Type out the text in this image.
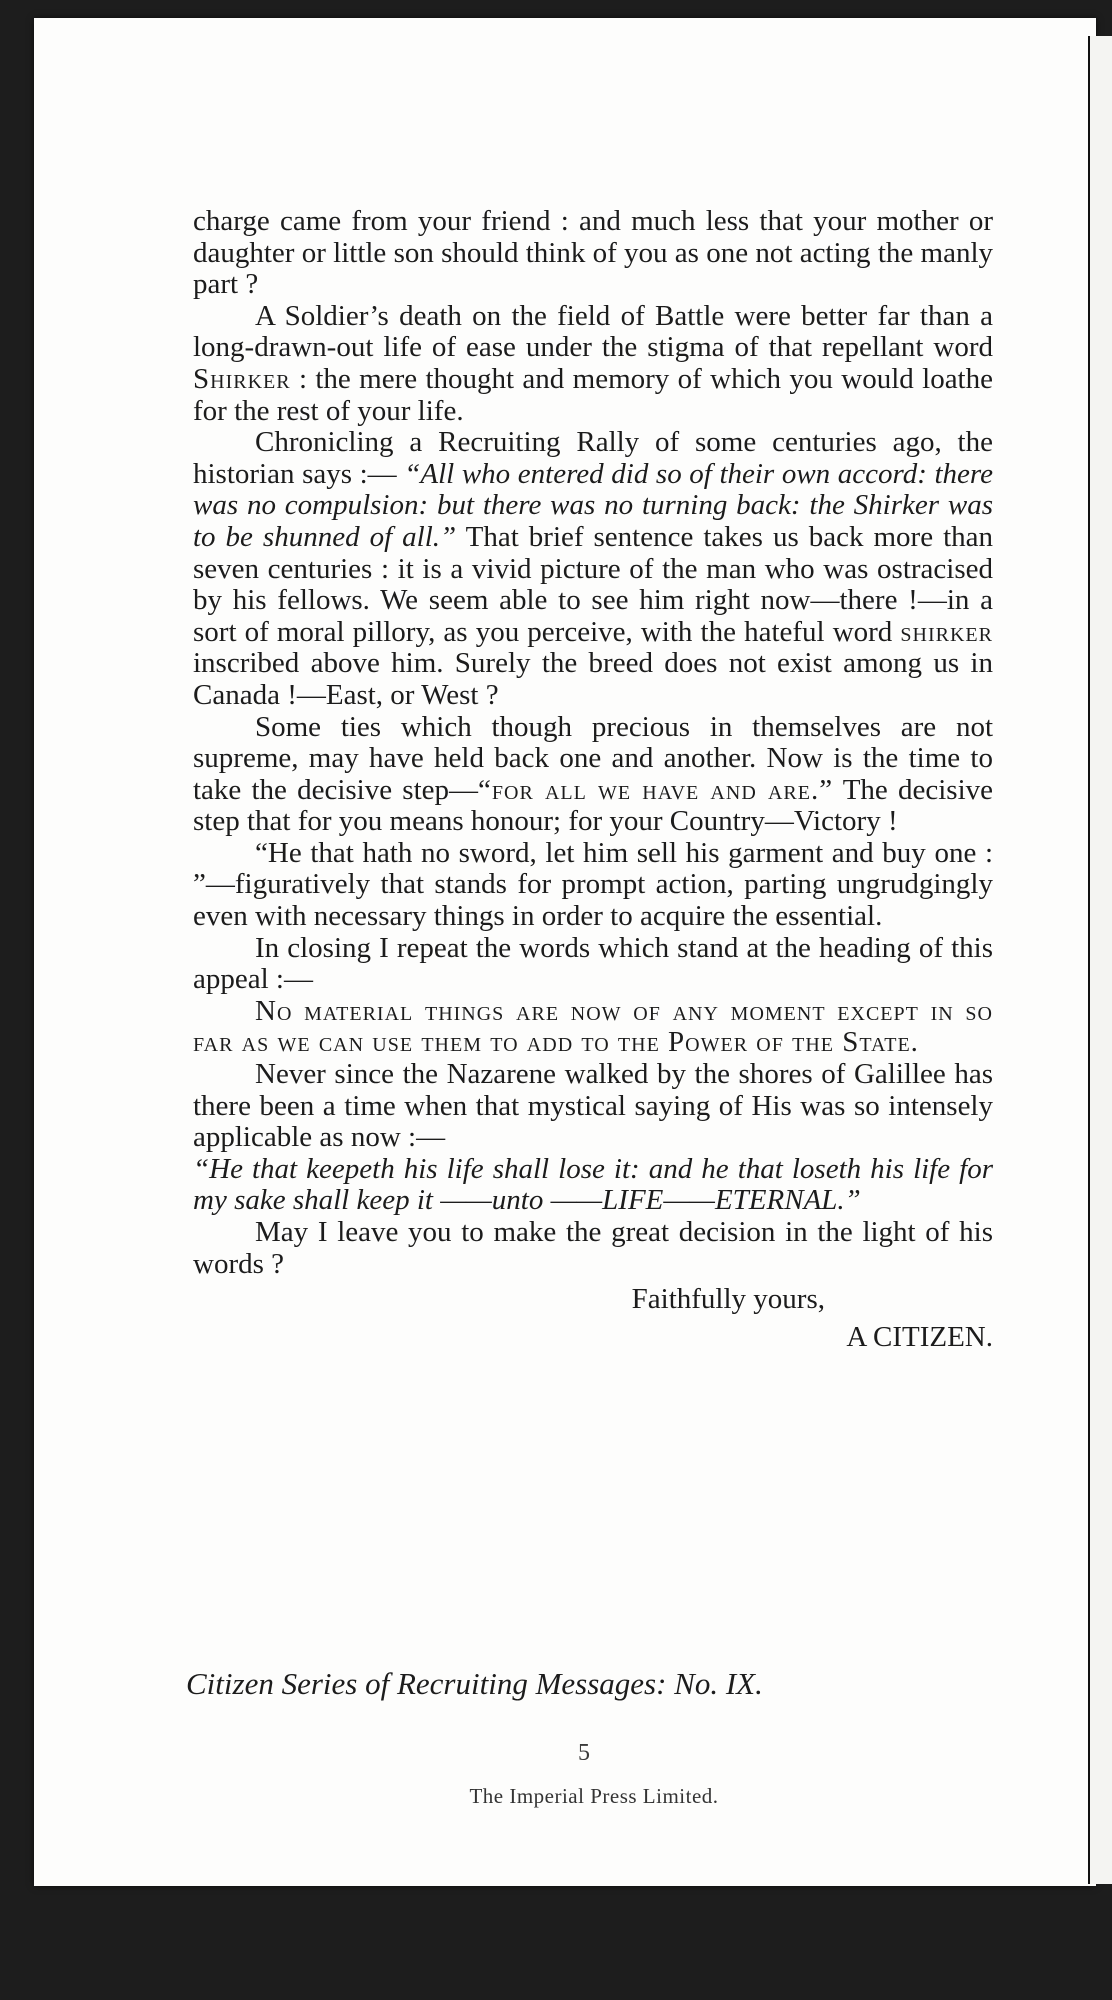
charge came from your friend : and much less that your mother or daughter or little son should think of you as one not acting the manly part ?

A Soldier’s death on the field of Battle were better far than a long-drawn-out life of ease under the stigma of that repellant word Shirker : the mere thought and memory of which you would loathe for the rest of your life.

Chronicling a Recruiting Rally of some centuries ago, the historian says :— “All who entered did so of their own accord: there was no compulsion: but there was no turning back: the Shirker was to be shunned of all.” That brief sentence takes us back more than seven centuries : it is a vivid picture of the man who was ostracised by his fellows. We seem able to see him right now—there !—in a sort of moral pillory, as you perceive, with the hateful word shirker inscribed above him. Surely the breed does not exist among us in Canada !—East, or West ?

Some ties which though precious in themselves are not supreme, may have held back one and another. Now is the time to take the decisive step—“for all we have and are.” The decisive step that for you means honour; for your Country—Victory !

“He that hath no sword, let him sell his garment and buy one : ”—figuratively that stands for prompt action, parting ungrudgingly even with necessary things in order to acquire the essential.

In closing I repeat the words which stand at the heading of this appeal :—

No material things are now of any moment except in so far as we can use them to add to the Power of the State.

Never since the Nazarene walked by the shores of Galillee has there been a time when that mystical saying of His was so intensely applicable as now :—

“He that keepeth his life shall lose it: and he that loseth his life for my sake shall keep it ——unto ——LIFE——ETERNAL.”

May I leave you to make the great decision in the light of his words ?

Faithfully yours,
A CITIZEN.

Citizen Series of Recruiting Messages: No. IX.
5
The Imperial Press Limited.
